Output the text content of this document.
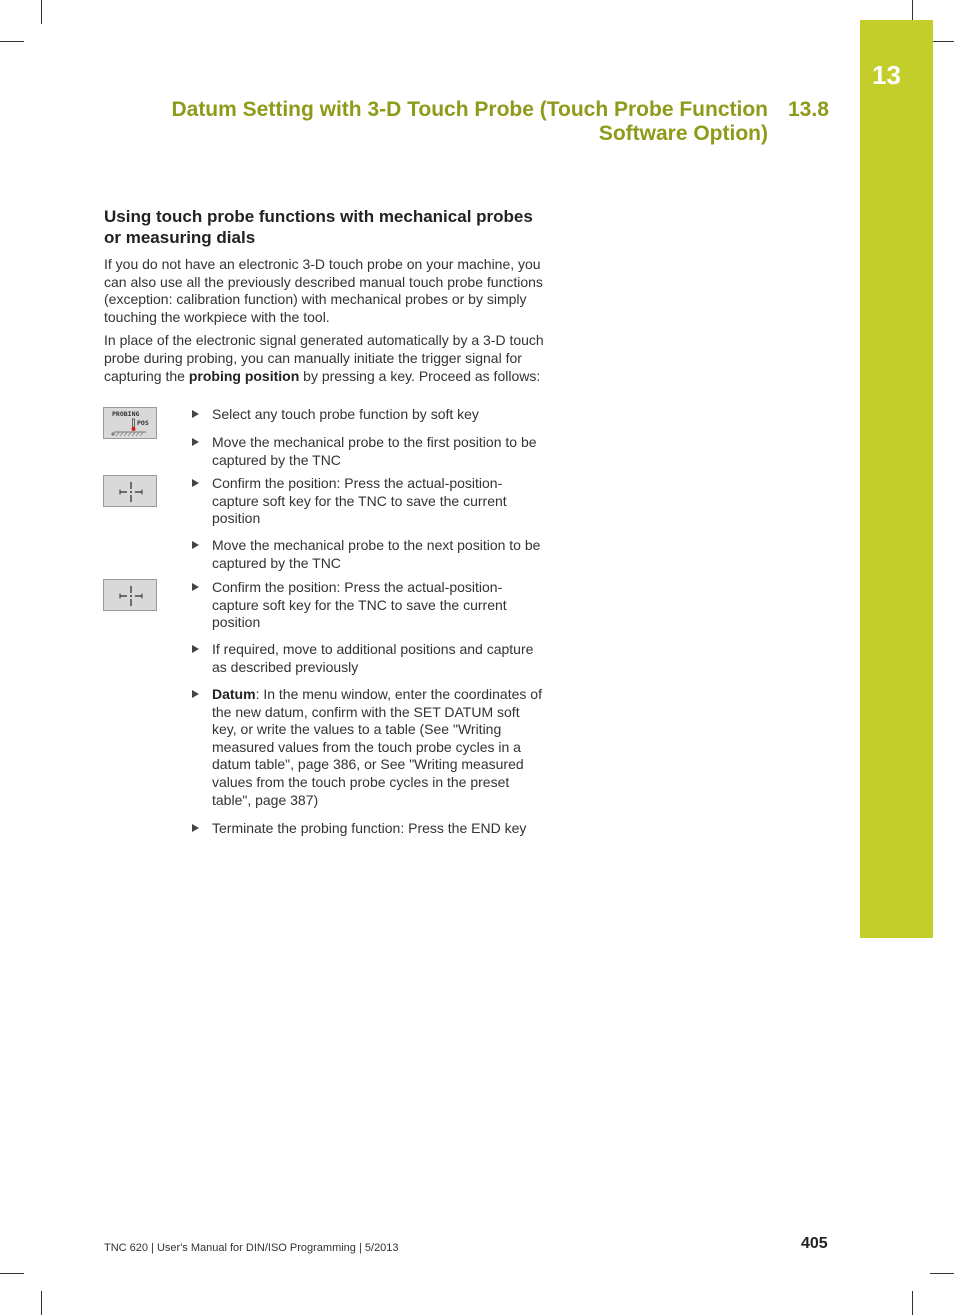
13
Datum Setting with 3-D Touch Probe (Touch Probe Function
Software Option)
13.8
Using touch probe functions with mechanical probes
or measuring dials

If you do not have an electronic 3-D touch probe on your machine, you can also use all the previously described manual touch probe functions (exception: calibration function) with mechanical probes or by simply touching the workpiece with the tool.

In place of the electronic signal generated automatically by a 3-D touch probe during probing, you can manually initiate the trigger signal for capturing the probing position by pressing a key. Proceed as follows:

PROBING
POS
Select any touch probe function by soft key
Move the mechanical probe to the first position to be captured by the TNC
Confirm the position: Press the actual-position-capture soft key for the TNC to save the current position
Move the mechanical probe to the next position to be captured by the TNC
Confirm the position: Press the actual-position-capture soft key for the TNC to save the current position
If required, move to additional positions and capture as described previously
Datum: In the menu window, enter the coordinates of the new datum, confirm with the SET DATUM soft key, or write the values to a table (See "Writing measured values from the touch probe cycles in a datum table", page 386, or See "Writing measured values from the touch probe cycles in the preset table", page 387)
Terminate the probing function: Press the END key
TNC 620 | User's Manual for DIN/ISO Programming | 5/2013	405
